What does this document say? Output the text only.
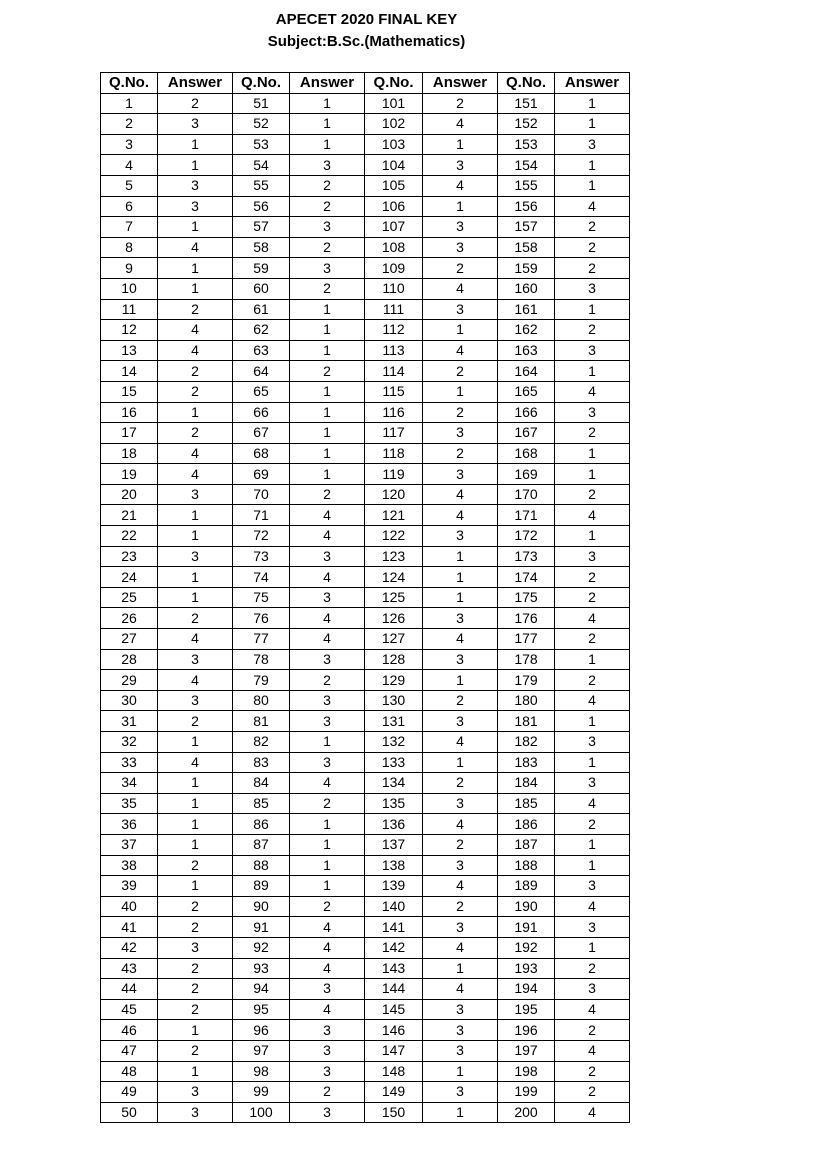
APECET 2020 FINAL KEY
Subject:B.Sc.(Mathematics)
Q.No.	Answer	Q.No.	Answer	Q.No.	Answer	Q.No.	Answer
1	2	51	1	101	2	151	1
2	3	52	1	102	4	152	1
3	1	53	1	103	1	153	3
4	1	54	3	104	3	154	1
5	3	55	2	105	4	155	1
6	3	56	2	106	1	156	4
7	1	57	3	107	3	157	2
8	4	58	2	108	3	158	2
9	1	59	3	109	2	159	2
10	1	60	2	110	4	160	3
11	2	61	1	111	3	161	1
12	4	62	1	112	1	162	2
13	4	63	1	113	4	163	3
14	2	64	2	114	2	164	1
15	2	65	1	115	1	165	4
16	1	66	1	116	2	166	3
17	2	67	1	117	3	167	2
18	4	68	1	118	2	168	1
19	4	69	1	119	3	169	1
20	3	70	2	120	4	170	2
21	1	71	4	121	4	171	4
22	1	72	4	122	3	172	1
23	3	73	3	123	1	173	3
24	1	74	4	124	1	174	2
25	1	75	3	125	1	175	2
26	2	76	4	126	3	176	4
27	4	77	4	127	4	177	2
28	3	78	3	128	3	178	1
29	4	79	2	129	1	179	2
30	3	80	3	130	2	180	4
31	2	81	3	131	3	181	1
32	1	82	1	132	4	182	3
33	4	83	3	133	1	183	1
34	1	84	4	134	2	184	3
35	1	85	2	135	3	185	4
36	1	86	1	136	4	186	2
37	1	87	1	137	2	187	1
38	2	88	1	138	3	188	1
39	1	89	1	139	4	189	3
40	2	90	2	140	2	190	4
41	2	91	4	141	3	191	3
42	3	92	4	142	4	192	1
43	2	93	4	143	1	193	2
44	2	94	3	144	4	194	3
45	2	95	4	145	3	195	4
46	1	96	3	146	3	196	2
47	2	97	3	147	3	197	4
48	1	98	3	148	1	198	2
49	3	99	2	149	3	199	2
50	3	100	3	150	1	200	4
